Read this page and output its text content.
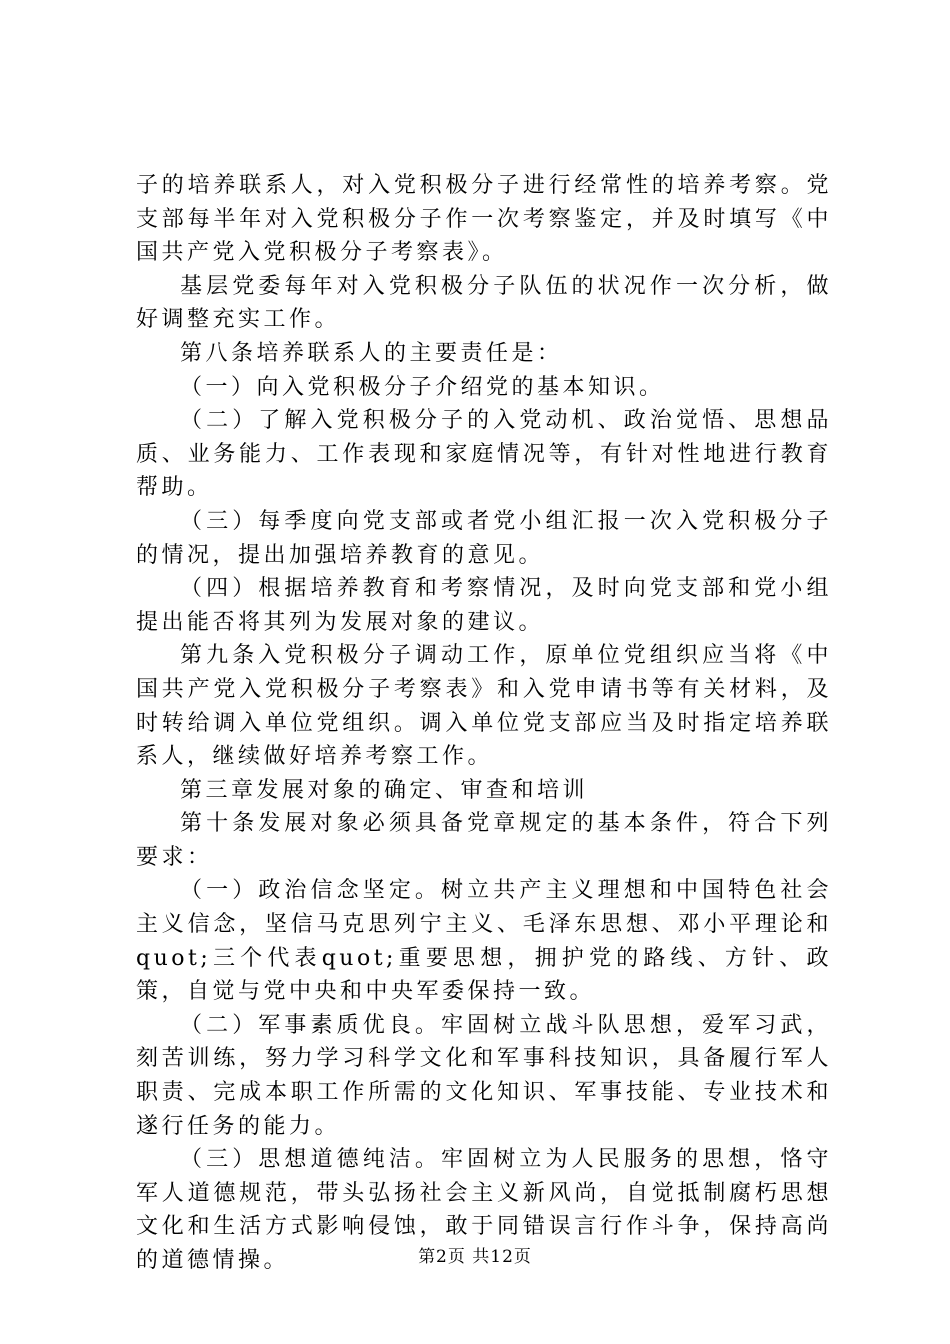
子的培养联系人，对入党积极分子进行经常性的培养考察。党支部每半年对入党积极分子作一次考察鉴定，并及时填写《中国共产党入党积极分子考察表》。

基层党委每年对入党积极分子队伍的状况作一次分析，做好调整充实工作。

第八条培养联系人的主要责任是：

（一）向入党积极分子介绍党的基本知识。

（二）了解入党积极分子的入党动机、政治觉悟、思想品质、业务能力、工作表现和家庭情况等，有针对性地进行教育帮助。

（三）每季度向党支部或者党小组汇报一次入党积极分子的情况，提出加强培养教育的意见。

（四）根据培养教育和考察情况，及时向党支部和党小组提出能否将其列为发展对象的建议。

第九条入党积极分子调动工作，原单位党组织应当将《中国共产党入党积极分子考察表》和入党申请书等有关材料，及时转给调入单位党组织。调入单位党支部应当及时指定培养联系人，继续做好培养考察工作。

第三章发展对象的确定、审查和培训

第十条发展对象必须具备党章规定的基本条件，符合下列要求：

（一）政治信念坚定。树立共产主义理想和中国特色社会主义信念，坚信马克思列宁主义、毛泽东思想、邓小平理论和quot;三个代表quot;重要思想，拥护党的路线、方针、政策，自觉与党中央和中央军委保持一致。

（二）军事素质优良。牢固树立战斗队思想，爱军习武，刻苦训练，努力学习科学文化和军事科技知识，具备履行军人职责、完成本职工作所需的文化知识、军事技能、专业技术和遂行任务的能力。

（三）思想道德纯洁。牢固树立为人民服务的思想，恪守军人道德规范，带头弘扬社会主义新风尚，自觉抵制腐朽思想文化和生活方式影响侵蚀，敢于同错误言行作斗争，保持高尚的道德情操。	第2页 共12页
